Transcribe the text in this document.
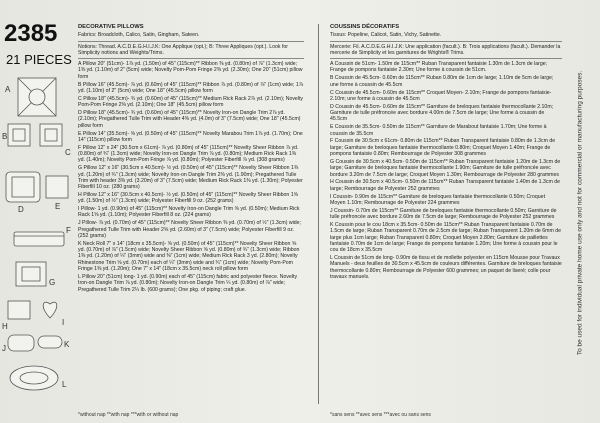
2385
21 PIECES
A
B
C
D	E
F
G
H	I
J	K
L
DECORATIVE PILLOWS
Fabrics: Broadcloth, Calico, Satin, Gingham, Sateen.
Notions: Thread. A.C.D.E.G.H.I.J.K: One Applique (opt.); B: Three Appliques (opt.). Look for Simplicity notions and Weights/Trims.
A Pillow 20" (51cm)- 1⅞ yd. (1.50m) of 45" (115cm)** Ribbon ⅜ yd. (0.80m) of ⅞" (1.3cm) wide; 1⅜ yd. (1.10m) of 2" (5cm) wide; Novelty Pom-Pom Fringe 2⅜ yd. (2.30m); One 20" (51cm) pillow form
B Pillow 16" (45.5cm)- ⅞ yd. (0.60m) of 45" (115cm)** Ribbon ⅞ yd. (0.80m) of ⅞" (1cm) wide; 1⅞ yd. (1.10m) of 2" (5cm) wide; One 18" (45.5cm) pillow form
C Pillow 18" (45.5cm)- ¾ yd. (0.60m) of 45" (115cm)** Medium Rick Rack 2⅞ yd. (2.10m); Novelty Pom-Pom Fringe 2⅜ yd. (2.10m); One 18" (45.5cm) pillow form
D Pillow 18" (45.5cm)- ¾ yd. (0.60m) of 45" (115cm)** Novelty Iron-on Dangle Trim 2⅞ yd. (2.10m); Pregathered Tulle Trim with Header 4⅜ yd. (4.0m) of 3" (7.5cm) wide; One 18" (45.5cm) pillow form
E Pillow 14" (35.5cm)- ⅝ yd. (0.50m) of 45" (115cm)** Novelty Marabou Trim 1⅞ yd. (1.70m); One 14" (115cm) pillow form
F Pillow 12" x 24" (30.5cm x 61cm)- ⅞ yd. (0.80m) of 45" (115cm)** Novelty Sheer Ribbon ⅞ yd. (0.80m) of ¾" (1.3cm) wide; Novelty Iron-on Dangle Trim ⅞ yd. (0.80m); Medium Rick Rack 1⅜ yd. (1.40m); Novelty Pom-Pom Fringe ⅞ yd. (0.80m); Polyester Fiberfill ⅞ yd. (308 grams)
G Pillow 12" x 16" (30.5cm x 40.5cm)- ½ yd. (0.50m) of 45" (115cm)** Novelty Sheer Ribbon 1⅜ yd. (1.20m) of ¾" (1.3cm) wide; Novelty Iron-on Dangle Trim 2⅜ yd. (1.90m); Pregathered Tulle Trim with header 3⅜ yd. (3.20m) of 3" (7.5cm) wide; Medium Rick Rack 1⅜ yd. (1.30m); Polyester Fiberfill 10 oz. (280 grams)
H Pillow 12" x 16" (30.5cm x 40.5cm)- ½ yd. (0.50m) of 45" (115cm)** Novelty Sheer Ribbon 1⅝ yd. (1.50m) of ½" (1.3cm) wide; Polyester Fiberfill 9 oz. (252 grams)
I Pillow- 1 yd. (0.90m) of 45" (115cm)** Novelty Iron-on Dangle Trim ⅝ yd. (0.50m); Medium Rick Rack 1⅝ yd. (1.10m); Polyester Fiberfill 8 oz. (224 grams)
J Pillow- ⅞ yd. (0.70m) of 45" (115cm)** Novelty Sheer Ribbon ⅜ yd. (0.70m) of ½" (1.3cm) wide; Pregathered Tulle Trim with Header 2⅝ yd. (2.60m) of 3" (7.5cm) wide; Polyester Fiberfill 9 oz. (252 grams)
K Neck Roll 7" x 14" (18cm x 35.5cm)- ⅝ yd. (0.50m) of 45" (115cm)** Novelty Sheer Ribbon ⅝ yd. (0.70m) of ⅞" (1.5cm) wide; Novelty Sheer Ribbon ⅝ yd. (0.80m) of ¾" (1.3cm) wide; Ribbon 1⅜ yd. (1.20m) of ¼" (3mm) wide and ⅜" (1cm) wide; Medium Rick Rack 3 yd. (2.80m); Novelty Rhinestone Trim ⅝ yd. (0.70m) each of ¼" (3mm) wide and ¾" (1cm) wide; Novelty Pom-Pom Fringe 1⅜ yd. (1.20m); One 7" x 14" (18cm x 35.5cm) neck roll pillow form
L Pillow 20" (51cm) long- 1 yd. (0.90m) each of 45" (115cm) fabric and polyester fleece. Novelty Iron-on Dangle Trim ⅞ yd. (0.80m); Novelty Iron-on Dangle Trim ¼ yd. (0.80m) of ⅞" wide; Pregathered Tulle Trim 2¼ lb. (600 grams); One pkg. of piping; craft glue.
COUSSINS DÉCORATIFS
Tissus: Popeline, Calicot, Satin, Vichy, Satinette.
Mercerie: Fil. A.C.D.E.G.H.I.J.K: Une application (facult.). B: Trois applications (facult.). Demander la mercerie de Simplicity et les garnitures de Wrights® Trims.
A Coussin de 51cm- 1.50m de 115cm** Ruban Transparent fantaisie 1.30m de 1.3cm de large; Frange de pompons fantaisie 2.30m; Une forme à coussin de 51cm.
B Coussin de 45.5cm- 0.60m de 115cm** Ruban 0.80m de 1cm de large; 1.10m de 5cm de large; une forme à coussin de 45.5cm
C Coussin de 45.5cm- 0.60m de 115cm** Croquet Moyen- 2.10m; Frange de pompons fantaisie- 2.10m; une forme à coussin de 45.5cm
D Coussin de 45.5cm- 0.60m de 115cm** Garniture de breloques fantaisie thermocollante 2.10m; Garniture de tulle préfroncée avec bordure 4.00m de 7.5cm de large; Une forme à coussin de 45.5cm
E Coussin de 35.5cm- 0.50m de 115cm** Garniture de Marabout fantaisie 1.70m; Une forme à coussin de 35.5cm
F Coussin de 30.5cm x 61cm- 0.80m de 115cm** Ruban Transparent fantaisie 0.80m de 1.3cm de large; Garniture de breloques fantaisie thermocollante 0.80m; Croquet Moyen 1.40m; Frange de pompons fantaisie 0.80m; Rembourrage de Polyester 308 grammes
G Coussin de 30.5cm x 40.5cm- 0.50m de 115cm** Ruban Transparent fantaisie 1.20m de 1.3cm de large; Garniture de breloques fantaisie thermocollante 1.90m; Garniture de tulle préfroncée avec bordure 3.20m de 7.5cm de large; Croquet Moyen 1.30m; Rembourrage de Polyester 280 grammes
H Coussin de 30.5cm x 40.5cm- 0.50m de 115cm** Ruban Transparent fantaisie 1.40m de 1.3cm de large; Rembourrage de Polyester 252 grammes
I Coussin- 0.90m de 115cm** Garniture de breloques fantaisie thermocollante 0.50m; Croquet Moyen 1.10m; Rembourrage de Polyester 224 grammes
J Coussin- 0.70m de 115cm** Garniture de breloques fantaisie thermocollante 0.50m; Garniture de tulle préfroncée avec bordure 2.60m de 7.5cm de large; Rembourrage de Polyester 252 grammes
K Coussin pour le cou 18cm x 35.5cm- 0.50m de 115cm** Ruban Transparent fantaisie 0.70m de 1.5cm de large; Ruban Transparent 0.70m de 2.5cm de large; Ruban Transparent 1.20m de 6mm de large plus 1cm large; Ruban Transparent 0.80m; Croquet Moyen 2.80m; Garniture de paillettes fantaisie 0.70m de 1cm de large; Frange de pompons fantaisie 1.20m; Une forme à coussin pour le cou de 18cm x 35.5cm
L Coussin de 51cm de long- 0.90m de tissu et de mollette polyester en 115cm Mousse pour Travaux Manuels - deux feuilles de 30.5cm x 45.5cm de couleurs différentes. Garniture de breloques fantaisie thermocollante 0.80m; Rembourrage de Polyester 600 grammes; un paquet de liseré; colle pour travaux manuels.
*without nap **with nap ***with or without nap	*sans sens **avec sens ***avec ou sans sens
To be used for individual private home use only and not for commercial or manufacturing purposes.
